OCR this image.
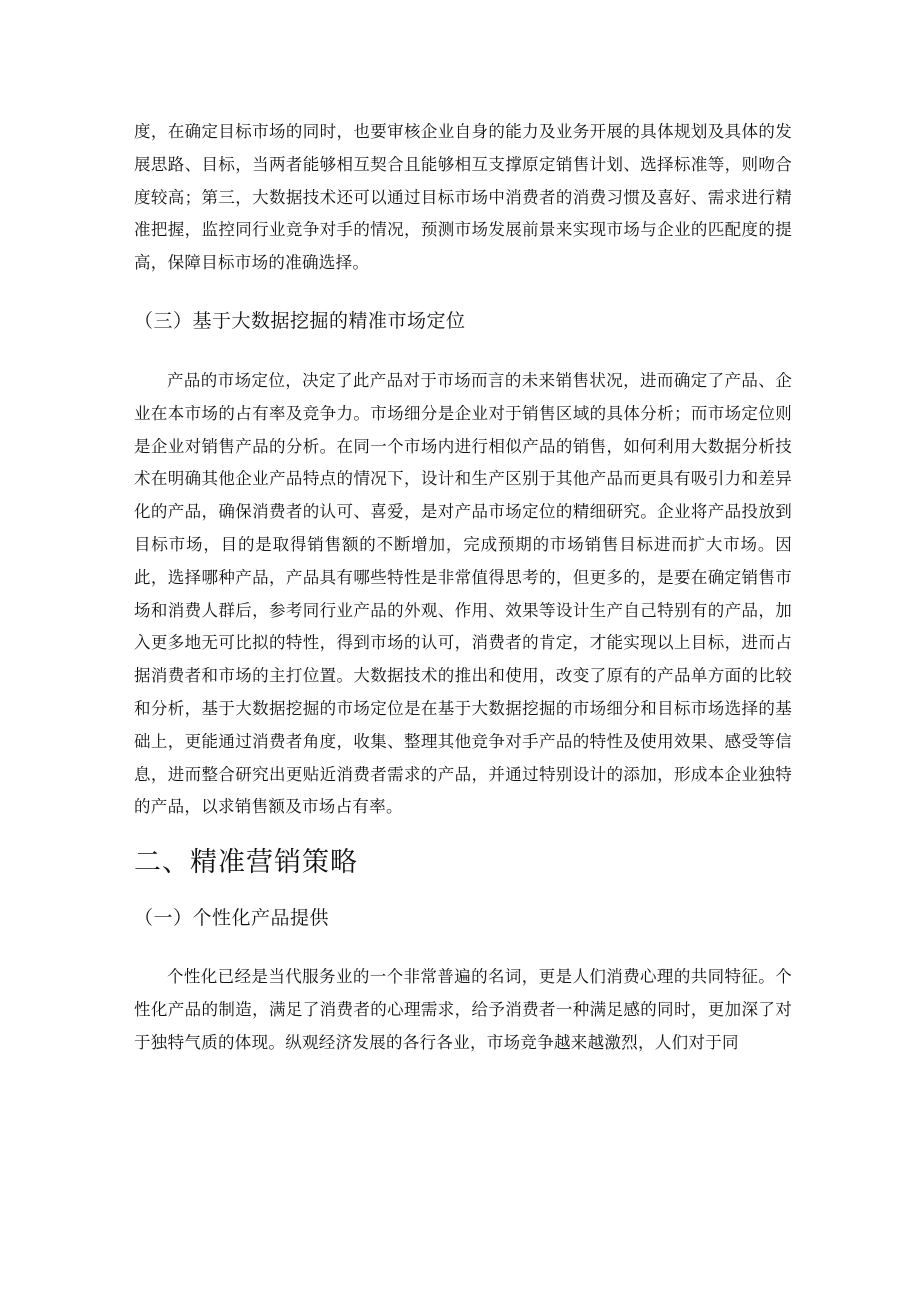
度，在确定目标市场的同时，也要审核企业自身的能力及业务开展的具体规划及具体的发展思路、目标，当两者能够相互契合且能够相互支撑原定销售计划、选择标准等，则吻合度较高；第三，大数据技术还可以通过目标市场中消费者的消费习惯及喜好、需求进行精准把握，监控同行业竞争对手的情况，预测市场发展前景来实现市场与企业的匹配度的提高，保障目标市场的准确选择。

（三）基于大数据挖掘的精准市场定位

产品的市场定位，决定了此产品对于市场而言的未来销售状况，进而确定了产品、企业在本市场的占有率及竞争力。市场细分是企业对于销售区域的具体分析；而市场定位则是企业对销售产品的分析。在同一个市场内进行相似产品的销售，如何利用大数据分析技术在明确其他企业产品特点的情况下，设计和生产区别于其他产品而更具有吸引力和差异化的产品，确保消费者的认可、喜爱，是对产品市场定位的精细研究。企业将产品投放到目标市场，目的是取得销售额的不断增加，完成预期的市场销售目标进而扩大市场。因此，选择哪种产品，产品具有哪些特性是非常值得思考的，但更多的，是要在确定销售市场和消费人群后，参考同行业产品的外观、作用、效果等设计生产自己特别有的产品，加入更多地无可比拟的特性，得到市场的认可，消费者的肯定，才能实现以上目标，进而占据消费者和市场的主打位置。大数据技术的推出和使用，改变了原有的产品单方面的比较和分析，基于大数据挖掘的市场定位是在基于大数据挖掘的市场细分和目标市场选择的基础上，更能通过消费者角度，收集、整理其他竞争对手产品的特性及使用效果、感受等信息，进而整合研究出更贴近消费者需求的产品，并通过特别设计的添加，形成本企业独特的产品，以求销售额及市场占有率。

二、精准营销策略
（一）个性化产品提供

个性化已经是当代服务业的一个非常普遍的名词，更是人们消费心理的共同特征。个性化产品的制造，满足了消费者的心理需求，给予消费者一种满足感的同时，更加深了对于独特气质的体现。纵观经济发展的各行各业，市场竞争越来越激烈，人们对于同
